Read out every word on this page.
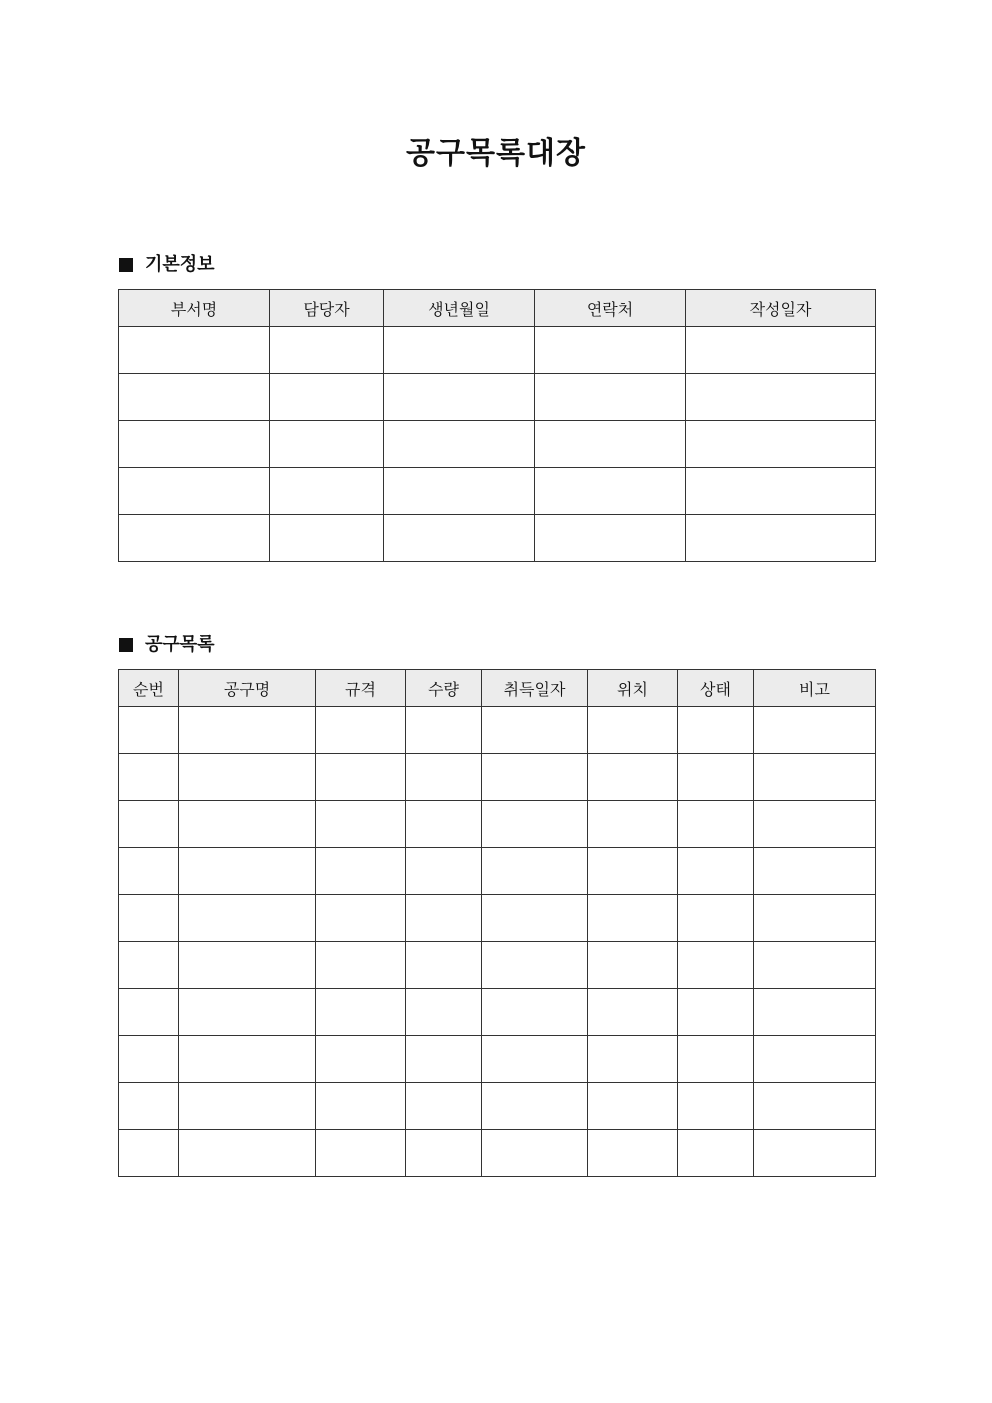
공구목록대장
기본정보
부서명	담당자	생년월일	연락처	작성일자

공구목록
순번	공구명	규격	수량	취득일자	위치	상태	비고
